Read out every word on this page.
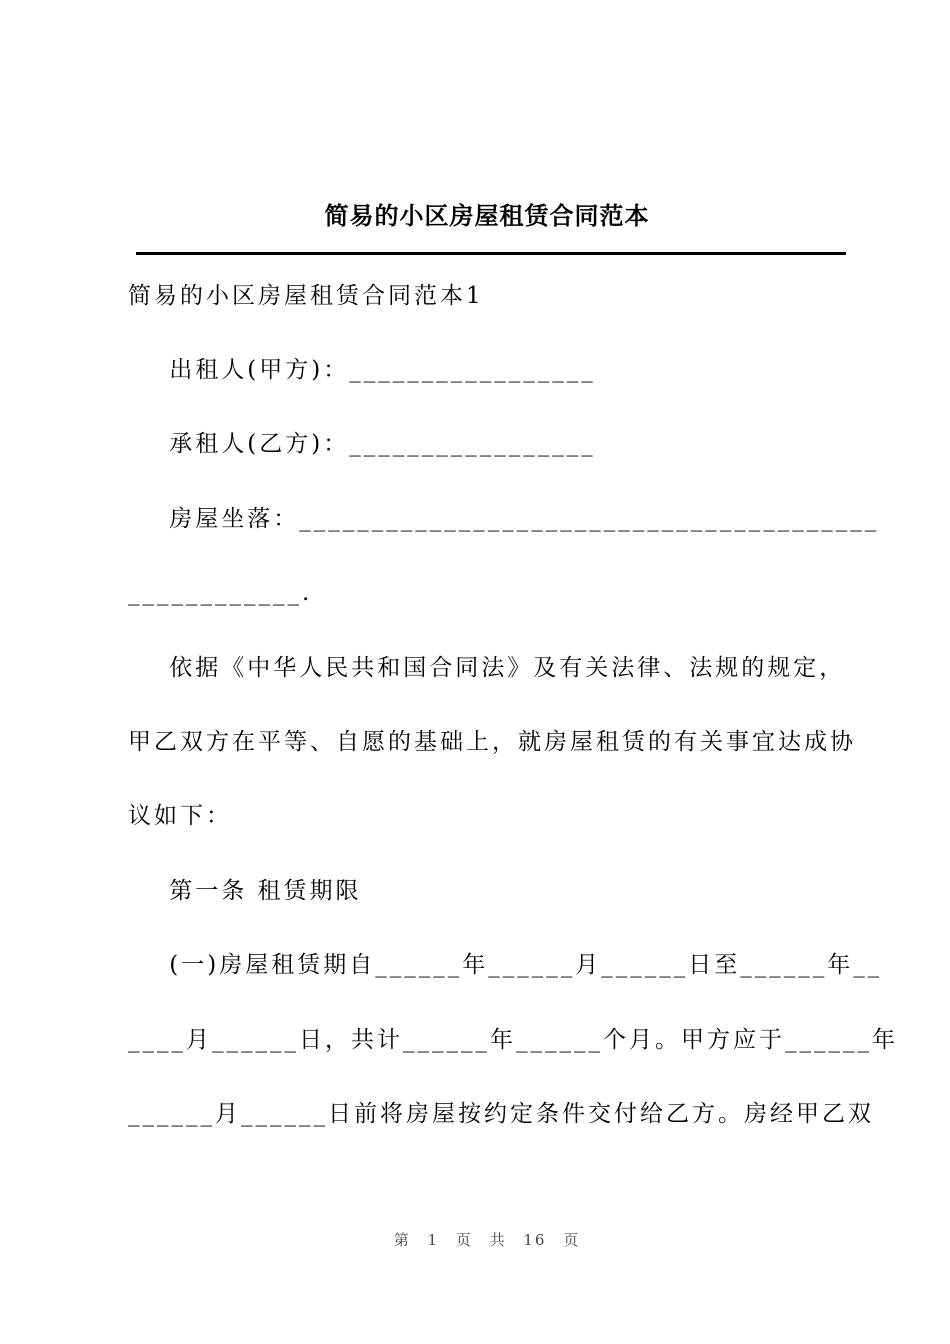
简易的小区房屋租赁合同范本
简易的小区房屋租赁合同范本1
出租人(甲方)：_________________
承租人(乙方)：_________________
房屋坐落：________________________________________
____________.
依据《中华人民共和国合同法》及有关法律、法规的规定，
甲乙双方在平等、自愿的基础上，就房屋租赁的有关事宜达成协
议如下：
第一条 租赁期限
(一)房屋租赁期自______年______月______日至______年__
____月______日，共计______年______个月。甲方应于______年
______月______日前将房屋按约定条件交付给乙方。房经甲乙双
第 1 页 共 16 页
